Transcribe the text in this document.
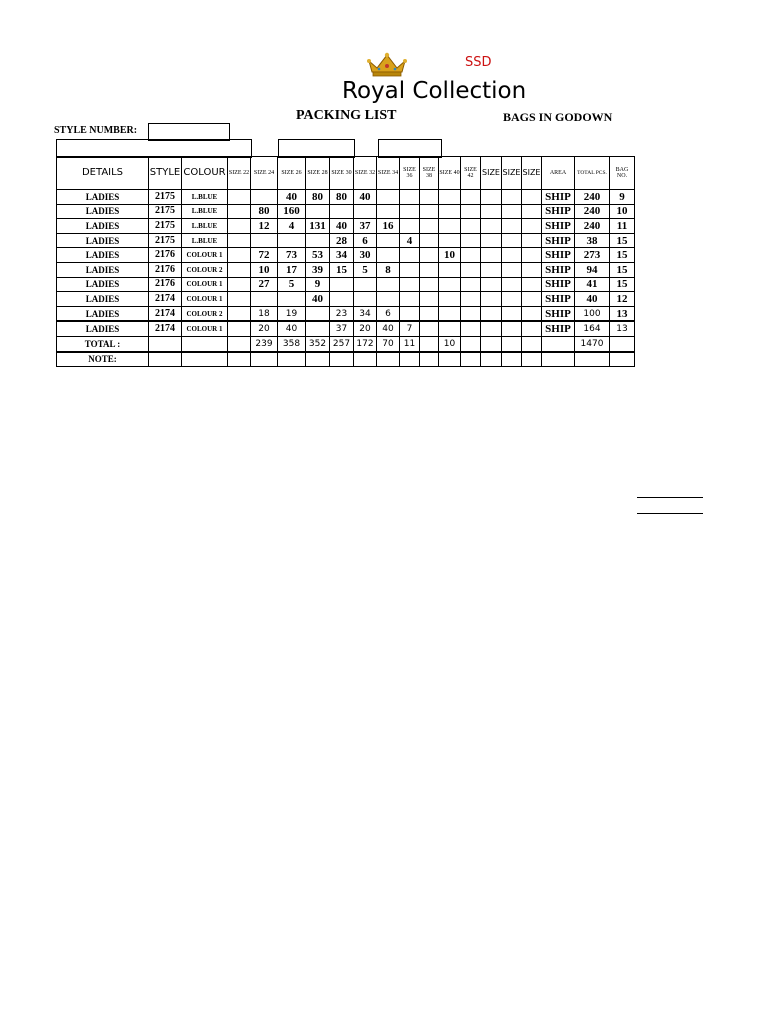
SSD
Royal Collection
PACKING LIST	BAGS IN GODOWN
STYLE NUMBER:
DETAILS	STYLE	COLOUR	SIZE 22	SIZE 24	SIZE 26	SIZE 28	SIZE 30	SIZE 32	SIZE 34	SIZE 36	SIZE 38	SIZE 40	SIZE 42	SIZE	SIZE	SIZE	AREA	TOTAL PCS.	BAG NO.
LADIES	2175	L.BLUE			40	80	80	40									SHIP	240	9
LADIES	2175	L.BLUE		80	160												SHIP	240	10
LADIES	2175	L.BLUE		12	4	131	40	37	16								SHIP	240	11
LADIES	2175	L.BLUE					28	6		4							SHIP	38	15
LADIES	2176	COLOUR 1		72	73	53	34	30				10					SHIP	273	15
LADIES	2176	COLOUR 2		10	17	39	15	5	8								SHIP	94	15
LADIES	2176	COLOUR 1		27	5	9											SHIP	41	15
LADIES	2174	COLOUR 1				40											SHIP	40	12
LADIES	2174	COLOUR 2		18	19		23	34	6								SHIP	100	13
LADIES	2174	COLOUR 1		20	40		37	20	40	7							SHIP	164	13
TOTAL :				239	358	352	257	172	70	11		10						1470	
NOTE:																			
